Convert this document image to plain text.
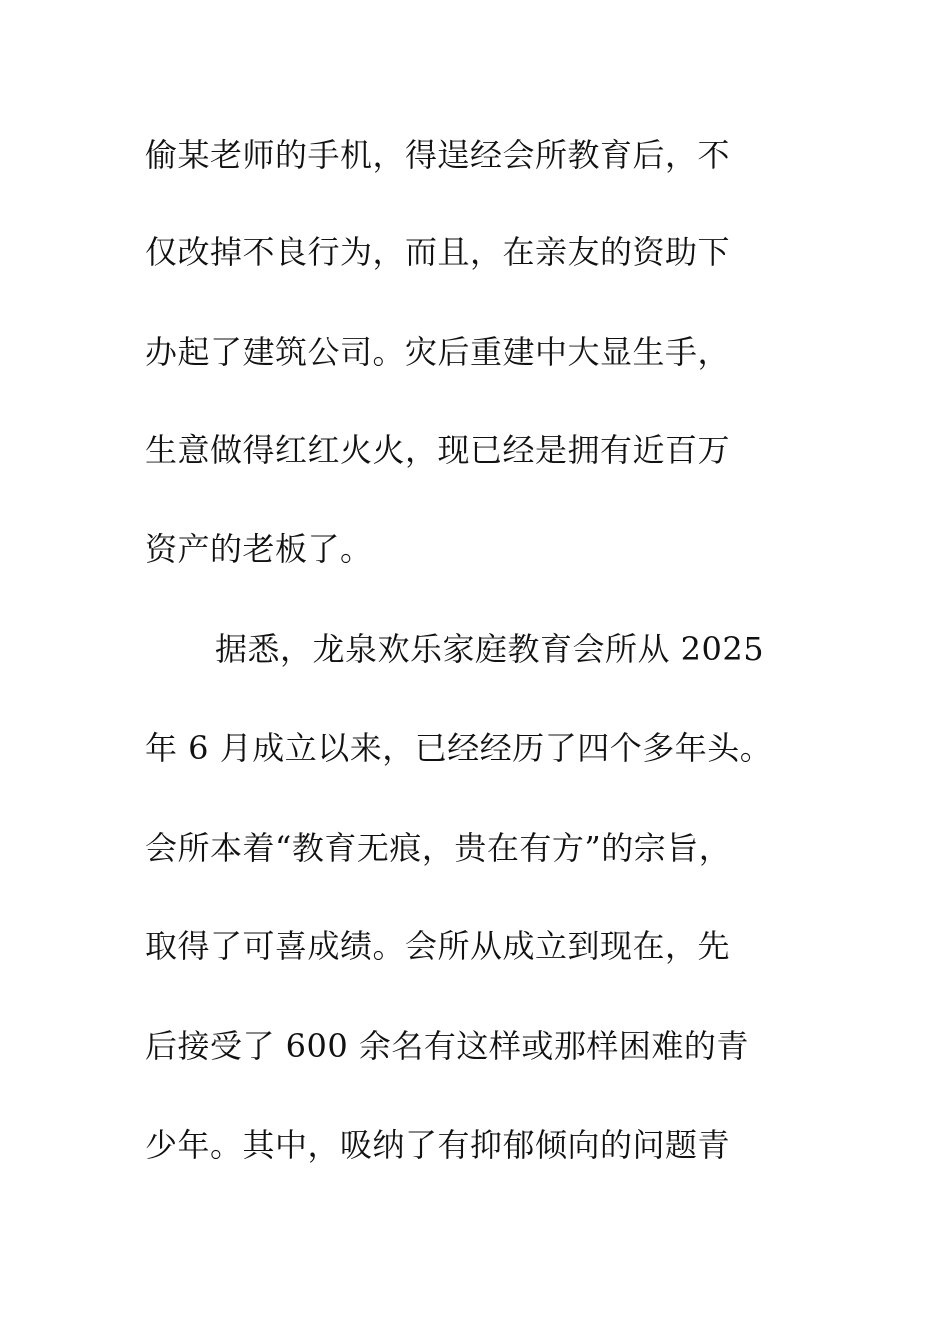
偷某老师的手机，得逞经会所教育后，不
仅改掉不良行为，而且，在亲友的资助下
办起了建筑公司。灾后重建中大显生手，
生意做得红红火火，现已经是拥有近百万
资产的老板了。
据悉，龙泉欢乐家庭教育会所从 2025
年 6 月成立以来，已经经历了四个多年头。
会所本着“教育无痕，贵在有方”的宗旨，
取得了可喜成绩。会所从成立到现在，先
后接受了 600 余名有这样或那样困难的青
少年。其中，吸纳了有抑郁倾向的问题青
